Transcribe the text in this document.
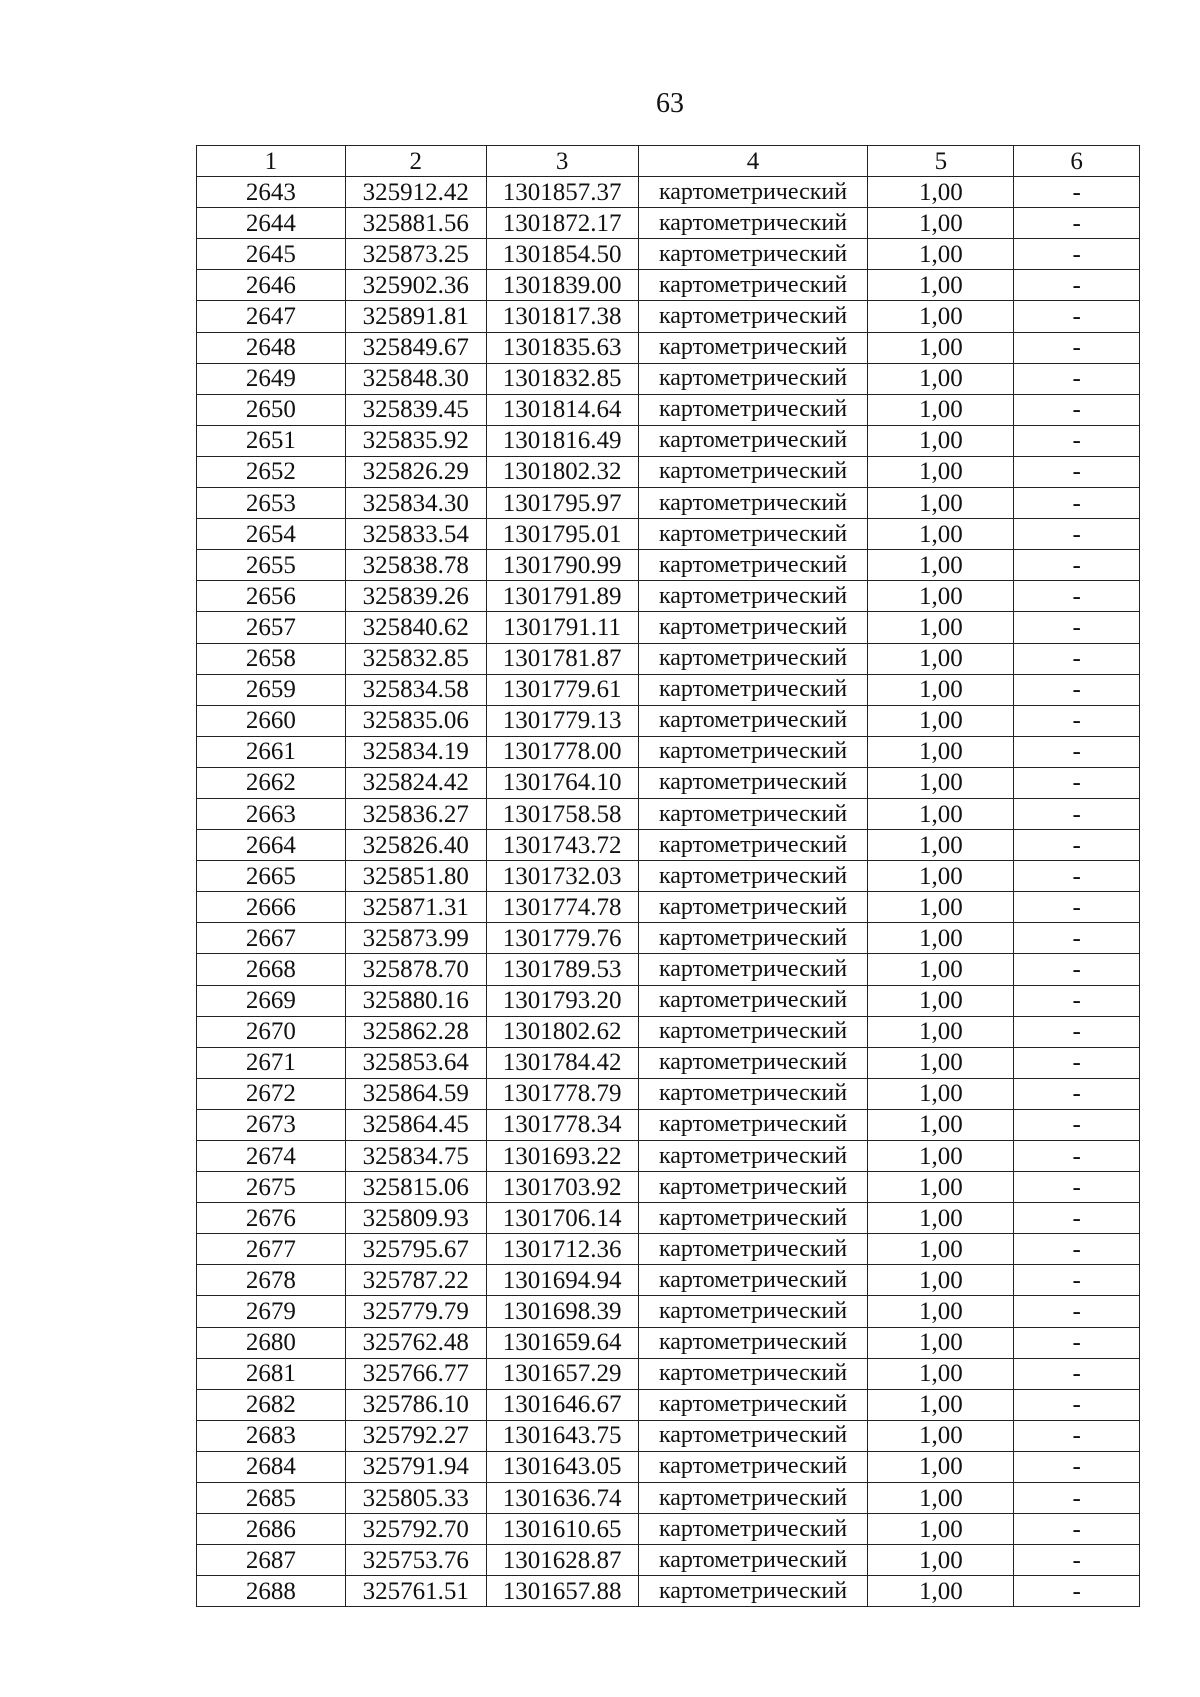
63
1	2	3	4	5	6
2643	325912.42	1301857.37	картометрический	1,00	-
2644	325881.56	1301872.17	картометрический	1,00	-
2645	325873.25	1301854.50	картометрический	1,00	-
2646	325902.36	1301839.00	картометрический	1,00	-
2647	325891.81	1301817.38	картометрический	1,00	-
2648	325849.67	1301835.63	картометрический	1,00	-
2649	325848.30	1301832.85	картометрический	1,00	-
2650	325839.45	1301814.64	картометрический	1,00	-
2651	325835.92	1301816.49	картометрический	1,00	-
2652	325826.29	1301802.32	картометрический	1,00	-
2653	325834.30	1301795.97	картометрический	1,00	-
2654	325833.54	1301795.01	картометрический	1,00	-
2655	325838.78	1301790.99	картометрический	1,00	-
2656	325839.26	1301791.89	картометрический	1,00	-
2657	325840.62	1301791.11	картометрический	1,00	-
2658	325832.85	1301781.87	картометрический	1,00	-
2659	325834.58	1301779.61	картометрический	1,00	-
2660	325835.06	1301779.13	картометрический	1,00	-
2661	325834.19	1301778.00	картометрический	1,00	-
2662	325824.42	1301764.10	картометрический	1,00	-
2663	325836.27	1301758.58	картометрический	1,00	-
2664	325826.40	1301743.72	картометрический	1,00	-
2665	325851.80	1301732.03	картометрический	1,00	-
2666	325871.31	1301774.78	картометрический	1,00	-
2667	325873.99	1301779.76	картометрический	1,00	-
2668	325878.70	1301789.53	картометрический	1,00	-
2669	325880.16	1301793.20	картометрический	1,00	-
2670	325862.28	1301802.62	картометрический	1,00	-
2671	325853.64	1301784.42	картометрический	1,00	-
2672	325864.59	1301778.79	картометрический	1,00	-
2673	325864.45	1301778.34	картометрический	1,00	-
2674	325834.75	1301693.22	картометрический	1,00	-
2675	325815.06	1301703.92	картометрический	1,00	-
2676	325809.93	1301706.14	картометрический	1,00	-
2677	325795.67	1301712.36	картометрический	1,00	-
2678	325787.22	1301694.94	картометрический	1,00	-
2679	325779.79	1301698.39	картометрический	1,00	-
2680	325762.48	1301659.64	картометрический	1,00	-
2681	325766.77	1301657.29	картометрический	1,00	-
2682	325786.10	1301646.67	картометрический	1,00	-
2683	325792.27	1301643.75	картометрический	1,00	-
2684	325791.94	1301643.05	картометрический	1,00	-
2685	325805.33	1301636.74	картометрический	1,00	-
2686	325792.70	1301610.65	картометрический	1,00	-
2687	325753.76	1301628.87	картометрический	1,00	-
2688	325761.51	1301657.88	картометрический	1,00	-
